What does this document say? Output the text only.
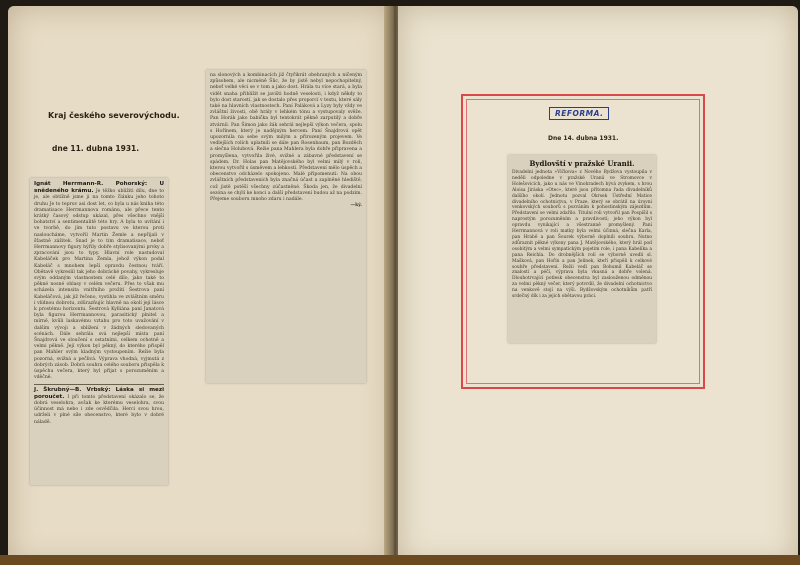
Kraj českého severovýchodu.
dne 11. dubna 1931.
Ignát Herrmann-R. Pohorský: U snědeného krámu. Je těžko ublížiti dílu, dne to je, ale obtížně jsme ji na tomto článku jeho tohoto druhu Je to tepruv asi dost let, co byla u nás kniha této dramatisace Herrmannova románu, ale přece tento krátký časový odstup ukázal, přes všechno vnější bohatství a sentimentalitě této hry. A byla to uvítání i ve tvorbě, do jím tuto postavu ve kterou proti nasloucháme, vytvořil Martin Žemle a nepřijali v šťastně zážitek. Snad je to tím dramatisace, neboť Herrmannovy figury hýřily dobře stylisovanými prvky a zpracování jsou to typy. Hlavní role nastudoval Kabeláček pro Martina Žemla, jehož výkon podal Kabeláč s mnohem lepší opravdu čestnou tváří. Obětavě vykreslil tak jeho dobrácké povahy, vykresluje svým oddaným vlastnostem celé dílo, jako také to pěkné nosné ohlasy v celém večeru. Přes to však mu scházela intensita vnitřního prožití Šestrova paní Kabeláčová, jak již řečeno, vystihla ve zvláštním směru i vlídnou dobrotu, zdůrazňujíc hlavně na okolí její lásce k prostému horizontu. Šestrová Kylliána paní Janatová byla figurou Herrmannovou, parasitický plnitel a mírně, kvůli laskavému vztahu pro toto uvažování v dalším vývoji a sblížení v žádných sledovaných scénách. Dále sehrála svá nejlepší místa paní Šnajdrová ve sloučení s ostatními, celkem ochotně a velmi pěkně. Její výkon byl pěkný, do kterého přispěl pan Mahler svým kladným vystoupením. Režie byla pozorná, svižná a pečlivá. Výprava vhodná, vyjmutá z dobrých zásob. Dobrá souhra celého souboru přispěla k úspěchu večera, který byl přijat s porozuměním a vděčně.
J. Škrubný—B. Vrbský: Láska si mezi poroučet. I při tomto představení okázalo se, že dobrá veselohra, avšak ke kterému veselohra, svou účinnost má nebo i zde osvědčila. Herci svou hrou, udrželi v plné síle obecenstvo, které bylo v dobré náladě.
na slonových a kombinacích již čtyřikrát obehraných a ničeným způsobem, ale nicméně Šlic, že by jistě nebyl nepochopitelný, neboť velké věci se v tom a jako dost. Hrála tu více stará, a byla vidět snaha přiblížit se javišti hodně veselosti, i když někdy to bylo dost starostí, jak se dostalo přes proporcí v textu, které sály také na hlavních vlastnostech. Paní Paláková a Lyzy byly vždy ve zvláštní živosti, obě hrály v lehkém tónu a vystupovaly svěže. Pan Horák jako babička byl tentokrát pěkně zarputilý a dobře ztvárnil. Pan Šimon jako žák sehrál nejlepší výkon večera, spolu s Hořínem, který je nadějným hercem. Paní Šnajdrová opět upozornila na sebe svým milým a přirozeným projevem. Ve vedlejších rolích uplatnili se dále pan Rosenbaum, pan Bozděch a slečna Holubová. Režie pana Mahlera byla dobře připravena a promyšlena, vytvořila živé, svižné a zábavné představení se spádem. Dr. Holas pan Matějovského byl velmi milý v roli, kterou vytvořil s úsměvem a lehkostí. Představení mělo úspěch a obecenstvo odcházelo spokojeno. Malé připomenutí: Na obou zvláštních představeních byla značná účast a zaplněné hlediště, což jistě potěší všechny zúčastněné. Škoda jen, že divadelní sezóna se chýlí ke konci a další představení budou až na podzim. Přejeme souboru mnoho zdaru i nadále.
—ký.
REFORMA.
Dne 14. dubna 1931.
Bydlovští v pražské Uranii.
Divadelní jednota »Vlčkova« z Nového Bydžova vystoupila v neděli odpoledne v pražské Uranii ve Stromovce v Holešovicích, jako u nás ve Vinohradech bývá zvykem, s hrou Aloisa Jiráska »Otec«, které jsou přítomna řada divadelníků dalšího okolí. Jednotu pozval Okrsek Ústřední Matice divadelního ochotnictva, v Praze, který se obrátil na úrovni venkovských souborů s pozváním k pohostinským zájezdům. Představení se velmi zdařilo. Titulní roli vytvořil pan Pospíšil s naprostým porozuměním a pravdivostí; jeho výkon byl opravdu vynikající a všestranně promyšlený. Paní Herrmannová v roli matky byla velmi účinná, slečna Karla, pan Hrabě a pan Šourek výborně doplnili souhru. Nutno zdůraznit pěkné výkony pana J. Matějovského, který hrál pod osobitým a velmi sympatickým pojetím role, i pana Kabelíka a pana Reichla. Do drobnějších rolí se výborně uvedli sl. Mašková, pan Hořín a pan Jelínek, kteří přispěli k celkové souhře představení. Režii vedl pan Bohumil Kabeláč se znalostí a péčí, výprava byla vkusná a dobře volená. Dlouhotrvající potlesk obecenstva byl zaslouženou odměnou za velmi pěkný večer, který potvrdil, že divadelní ochotnictvo na venkově stojí na výši. Bydžovským ochotníkům patří srdečný dík i za jejich obětavou práci.
